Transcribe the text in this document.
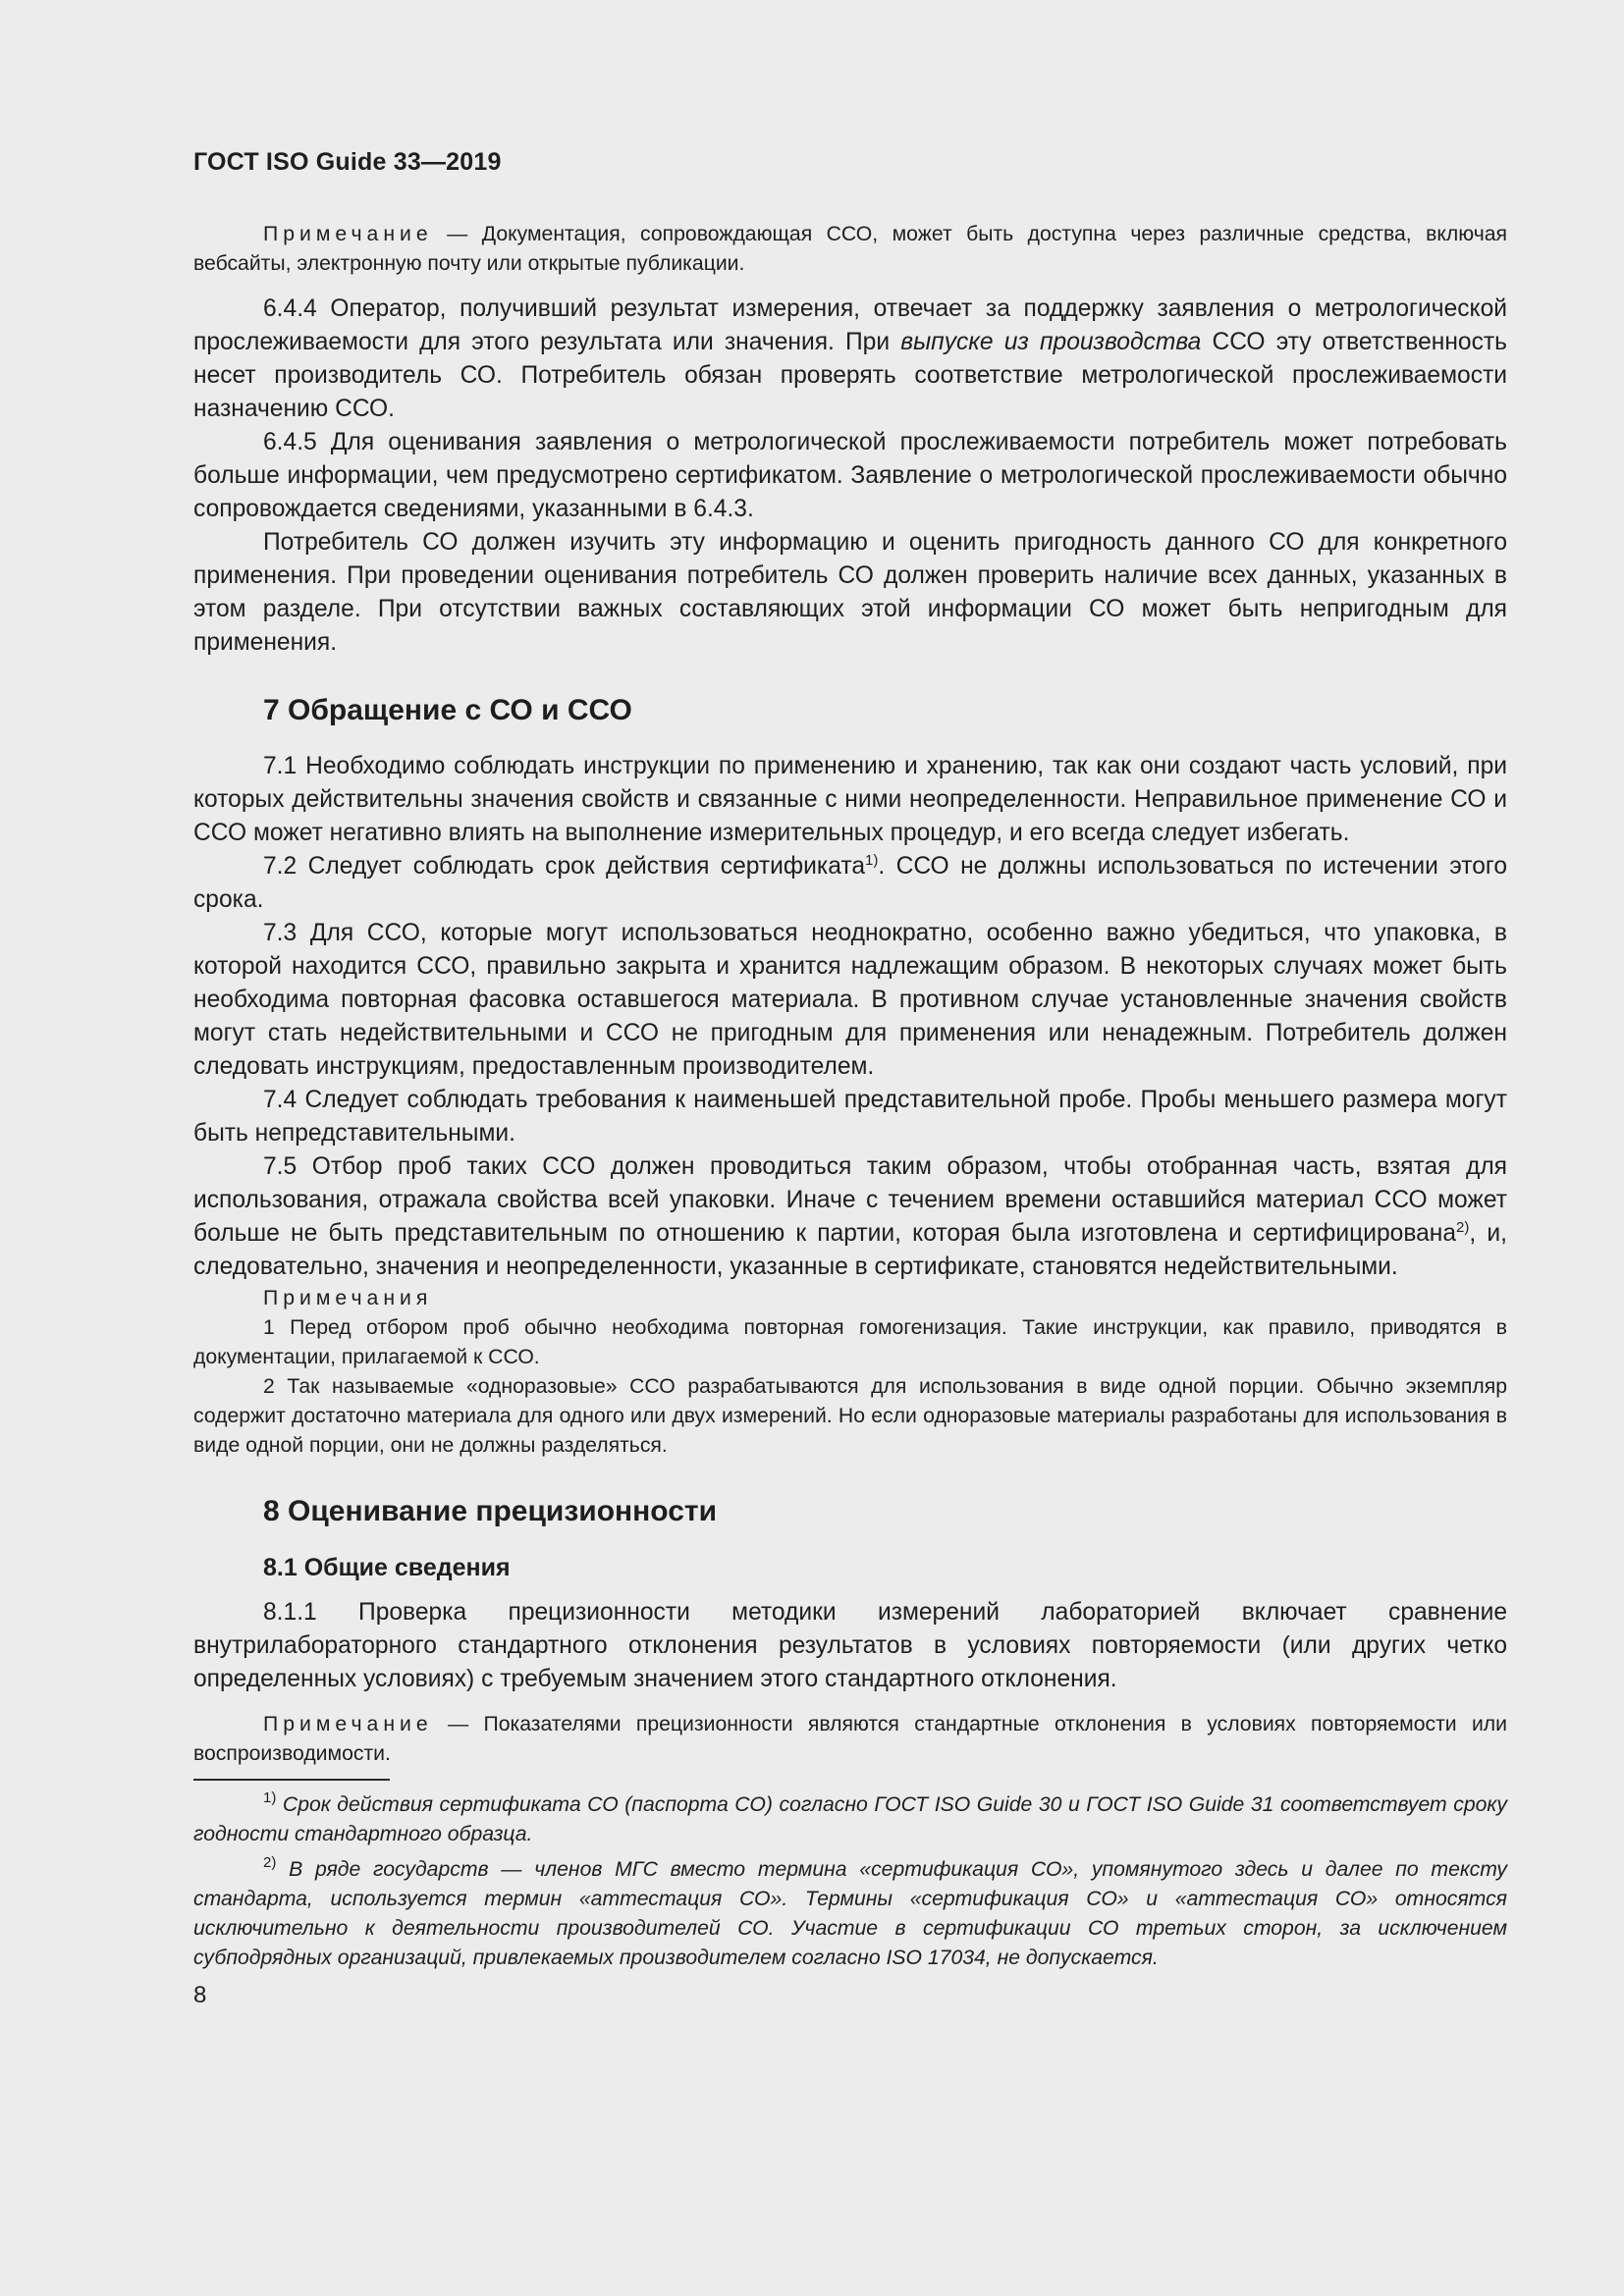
ГОСТ ISO Guide 33—2019

Примечание — Документация, сопровождающая ССО, может быть доступна через различные средства, включая вебсайты, электронную почту или открытые публикации.

6.4.4 Оператор, получивший результат измерения, отвечает за поддержку заявления о метрологической прослеживаемости для этого результата или значения. При выпуске из производства ССО эту ответственность несет производитель СО. Потребитель обязан проверять соответствие метрологической прослеживаемости назначению ССО.

6.4.5 Для оценивания заявления о метрологической прослеживаемости потребитель может потребовать больше информации, чем предусмотрено сертификатом. Заявление о метрологической прослеживаемости обычно сопровождается сведениями, указанными в 6.4.3.

Потребитель СО должен изучить эту информацию и оценить пригодность данного СО для конкретного применения. При проведении оценивания потребитель СО должен проверить наличие всех данных, указанных в этом разделе. При отсутствии важных составляющих этой информации СО может быть непригодным для применения.

7 Обращение с СО и ССО

7.1 Необходимо соблюдать инструкции по применению и хранению, так как они создают часть условий, при которых действительны значения свойств и связанные с ними неопределенности. Неправильное применение СО и ССО может негативно влиять на выполнение измерительных процедур, и его всегда следует избегать.

7.2 Следует соблюдать срок действия сертификата$^{1)}$. ССО не должны использоваться по истечении этого срока.

7.3 Для ССО, которые могут использоваться неоднократно, особенно важно убедиться, что упаковка, в которой находится ССО, правильно закрыта и хранится надлежащим образом. В некоторых случаях может быть необходима повторная фасовка оставшегося материала. В противном случае установленные значения свойств могут стать недействительными и ССО не пригодным для применения или ненадежным. Потребитель должен следовать инструкциям, предоставленным производителем.

7.4 Следует соблюдать требования к наименьшей представительной пробе. Пробы меньшего размера могут быть непредставительными.

7.5 Отбор проб таких ССО должен проводиться таким образом, чтобы отобранная часть, взятая для использования, отражала свойства всей упаковки. Иначе с течением времени оставшийся материал ССО может больше не быть представительным по отношению к партии, которая была изготовлена и сертифицирована$^{2)}$, и, следовательно, значения и неопределенности, указанные в сертификате, становятся недействительными.

Примечания

1 Перед отбором проб обычно необходима повторная гомогенизация. Такие инструкции, как правило, приводятся в документации, прилагаемой к ССО.

2 Так называемые «одноразовые» ССО разрабатываются для использования в виде одной порции. Обычно экземпляр содержит достаточно материала для одного или двух измерений. Но если одноразовые материалы разработаны для использования в виде одной порции, они не должны разделяться.

8 Оценивание прецизионности
8.1 Общие сведения

8.1.1 Проверка прецизионности методики измерений лабораторией включает сравнение внутрилабораторного стандартного отклонения результатов в условиях повторяемости (или других четко определенных условиях) с требуемым значением этого стандартного отклонения.

Примечание — Показателями прецизионности являются стандартные отклонения в условиях повторяемости или воспроизводимости.

$^{1)}$ Срок действия сертификата СО (паспорта СО) согласно ГОСТ ISO Guide 30 и ГОСТ ISO Guide 31 соответствует сроку годности стандартного образца.

$^{2)}$ В ряде государств — членов МГС вместо термина «сертификация СО», упомянутого здесь и далее по тексту стандарта, используется термин «аттестация СО». Термины «сертификация СО» и «аттестация СО» относятся исключительно к деятельности производителей СО. Участие в сертификации СО третьих сторон, за исключением субподрядных организаций, привлекаемых производителем согласно ISO 17034, не допускается.

8
